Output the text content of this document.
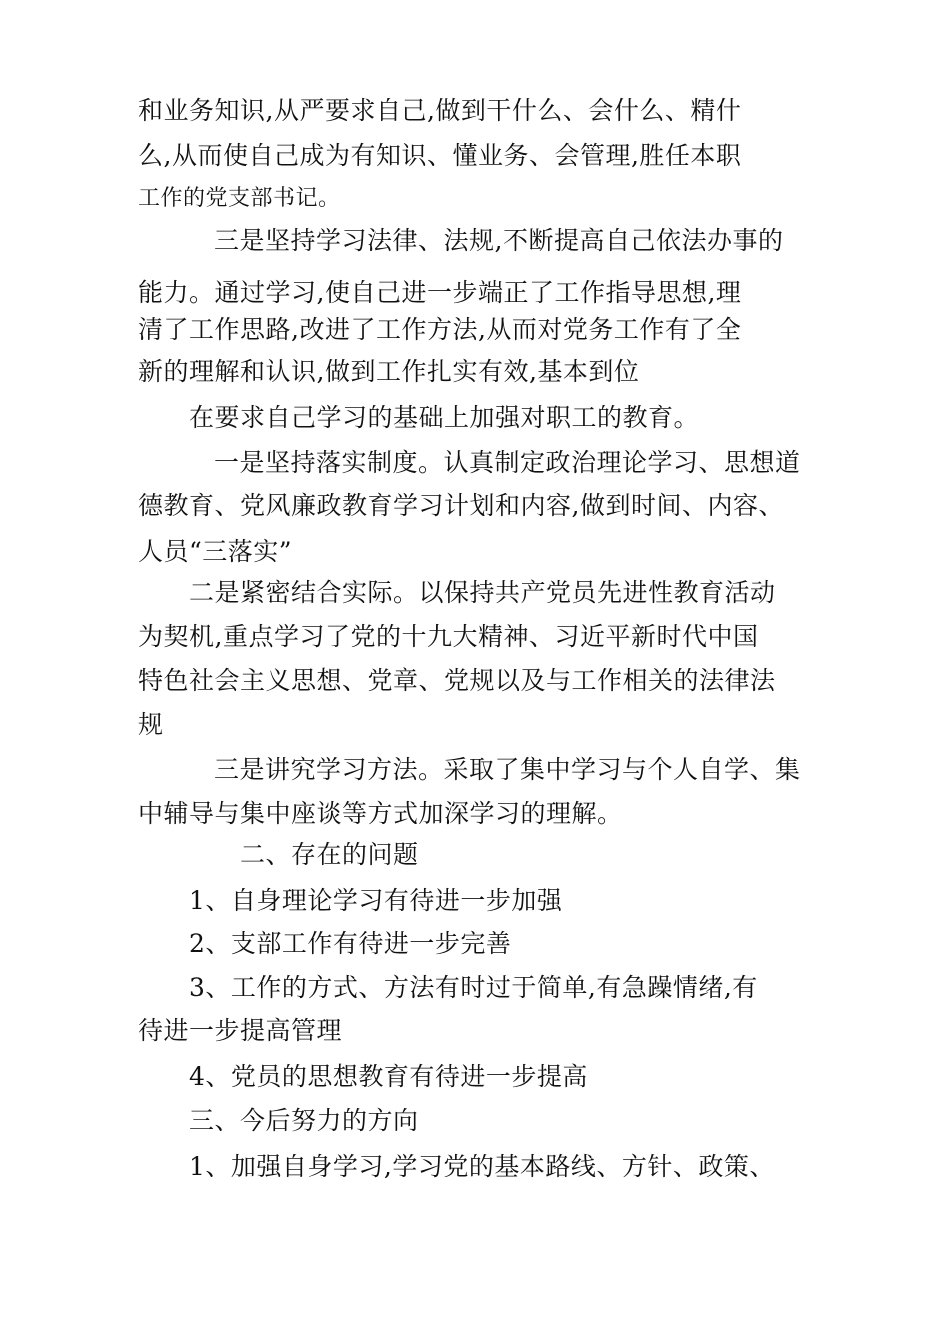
和业务知识,从严要求自己,做到干什么、会什么、精什
么,从而使自己成为有知识、懂业务、会管理,胜任本职
工作的党支部书记。
三是坚持学习法律、法规,不断提高自己依法办事的
能力。通过学习,使自己进一步端正了工作指导思想,理
清了工作思路,改进了工作方法,从而对党务工作有了全
新的理解和认识,做到工作扎实有效,基本到位
在要求自己学习的基础上加强对职工的教育。
一是坚持落实制度。认真制定政治理论学习、思想道
德教育、党风廉政教育学习计划和内容,做到时间、内容、
人员“三落实”
二是紧密结合实际。以保持共产党员先进性教育活动
为契机,重点学习了党的十九大精神、习近平新时代中国
特色社会主义思想、党章、党规以及与工作相关的法律法
规
三是讲究学习方法。采取了集中学习与个人自学、集
中辅导与集中座谈等方式加深学习的理解。
二、存在的问题
1、自身理论学习有待进一步加强
2、支部工作有待进一步完善
3、工作的方式、方法有时过于简单,有急躁情绪,有
待进一步提高管理
4、党员的思想教育有待进一步提高
三、今后努力的方向
1、加强自身学习,学习党的基本路线、方针、政策、
